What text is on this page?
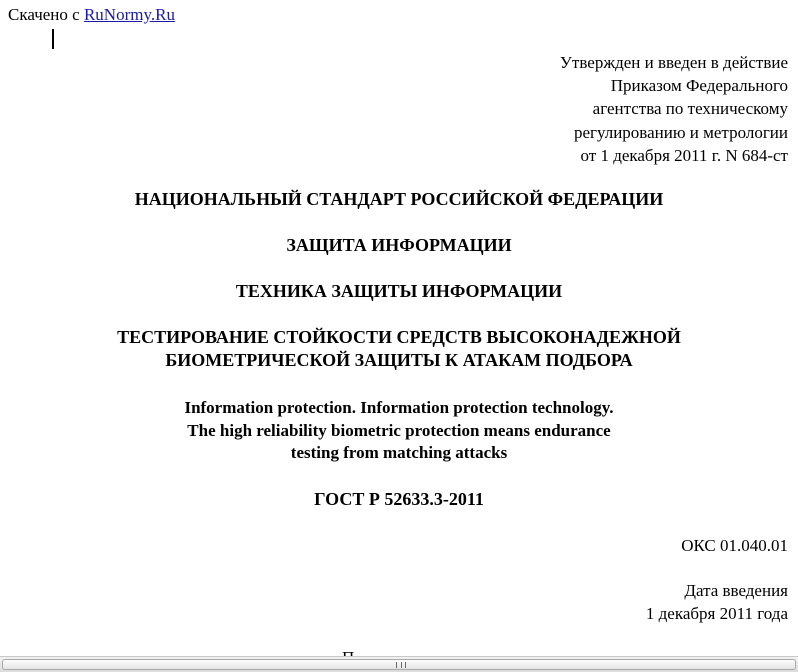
Скачено с RuNormy.Ru
Утвержден и введен в действие
Приказом Федерального
агентства по техническому
регулированию и метрологии
от 1 декабря 2011 г. N 684-ст
НАЦИОНАЛЬНЫЙ СТАНДАРТ РОССИЙСКОЙ ФЕДЕРАЦИИ
ЗАЩИТА ИНФОРМАЦИИ
ТЕХНИКА ЗАЩИТЫ ИНФОРМАЦИИ
ТЕСТИРОВАНИЕ СТОЙКОСТИ СРЕДСТВ ВЫСОКОНАДЕЖНОЙ
БИОМЕТРИЧЕСКОЙ ЗАЩИТЫ К АТАКАМ ПОДБОРА
Information protection. Information protection technology.
The high reliability biometric protection means endurance
testing from matching attacks
ГОСТ Р 52633.3-2011
ОКС 01.040.01
Дата введения
1 декабря 2011 года
